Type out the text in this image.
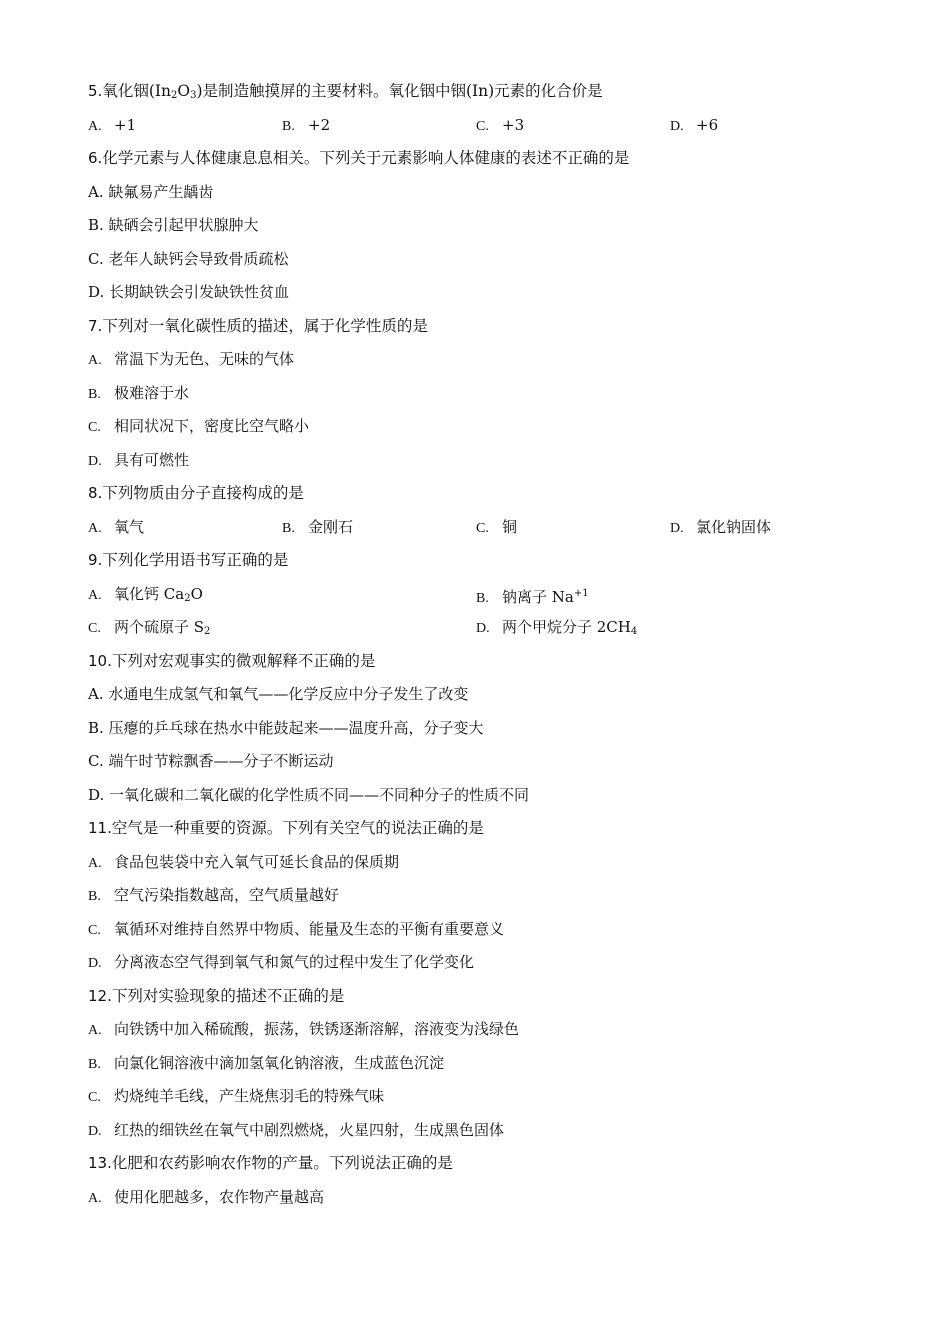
5.氧化铟$(In_2O_3)$是制造触摸屏的主要材料。氧化铟中铟(In)元素的化合价是
A. +1	B. +2	C. +3	D. +6
6.化学元素与人体健康息息相关。下列关于元素影响人体健康的表述不正确的是
A. 缺氟易产生龋齿
B. 缺硒会引起甲状腺肿大
C. 老年人缺钙会导致骨质疏松
D. 长期缺铁会引发缺铁性贫血
7.下列对一氧化碳性质的描述，属于化学性质的是
A. 常温下为无色、无味的气体
B. 极难溶于水
C. 相同状况下，密度比空气略小
D. 具有可燃性
8.下列物质由分子直接构成的是
A. 氧气	B. 金刚石	C. 铜	D. 氯化钠固体
9.下列化学用语书写正确的是
A. 氧化钙 $Ca_2O$	B. 钠离子 $Na^{+1}$
C. 两个硫原子 $S_2$	D. 两个甲烷分子 $2CH_4$
10.下列对宏观事实的微观解释不正确的是
A. 水通电生成氢气和氧气——化学反应中分子发生了改变
B. 压瘪的乒乓球在热水中能鼓起来——温度升高，分子变大
C. 端午时节粽飘香——分子不断运动
D. 一氧化碳和二氧化碳的化学性质不同——不同种分子的性质不同
11.空气是一种重要的资源。下列有关空气的说法正确的是
A. 食品包装袋中充入氧气可延长食品的保质期
B. 空气污染指数越高，空气质量越好
C. 氧循环对维持自然界中物质、能量及生态的平衡有重要意义
D. 分离液态空气得到氧气和氮气的过程中发生了化学变化
12.下列对实验现象的描述不正确的是
A. 向铁锈中加入稀硫酸，振荡，铁锈逐渐溶解，溶液变为浅绿色
B. 向氯化铜溶液中滴加氢氧化钠溶液，生成蓝色沉淀
C. 灼烧纯羊毛线，产生烧焦羽毛的特殊气味
D. 红热的细铁丝在氧气中剧烈燃烧，火星四射，生成黑色固体
13.化肥和农药影响农作物的产量。下列说法正确的是
A. 使用化肥越多，农作物产量越高
